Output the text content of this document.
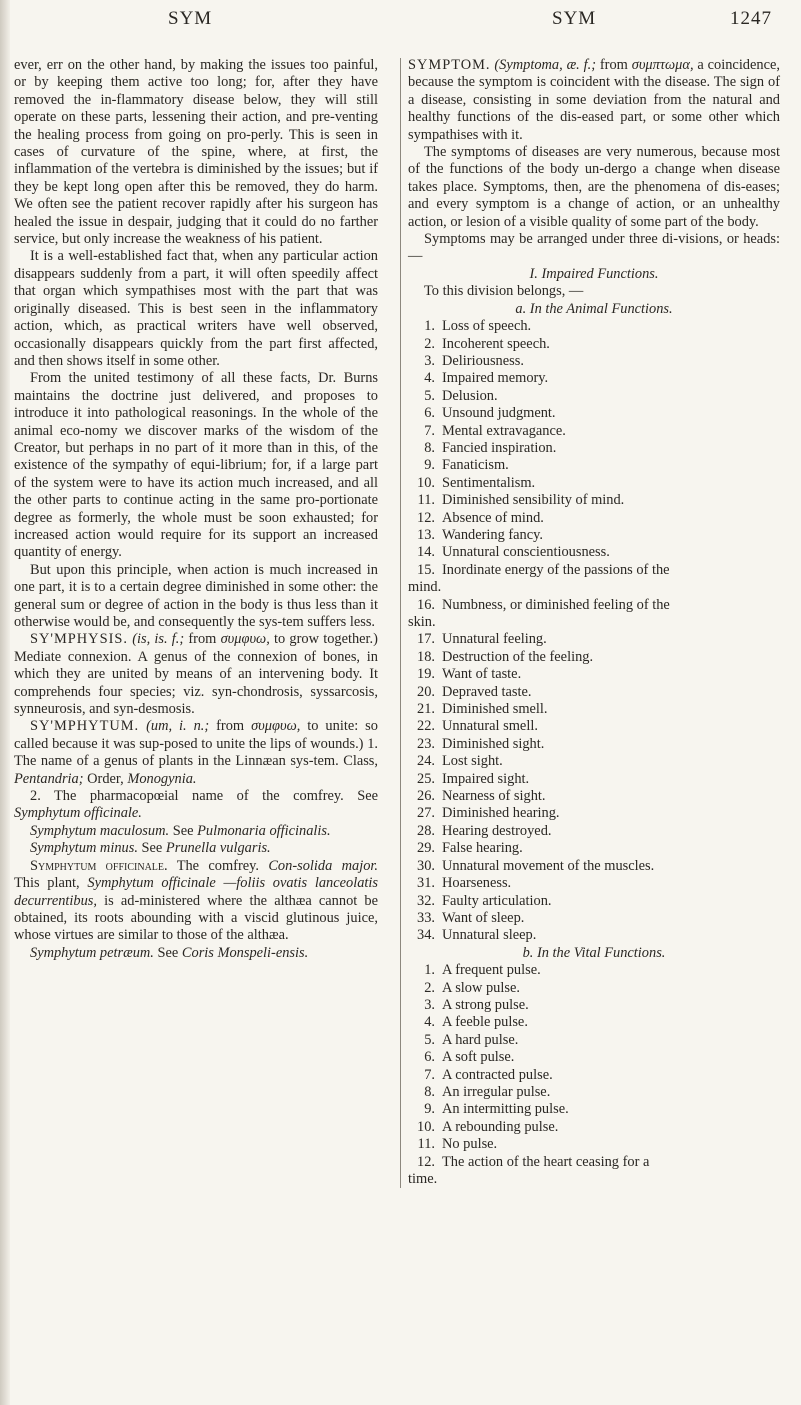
SYM	SYM	1247

ever, err on the other hand, by making the issues too painful, or by keeping them active too long; for, after they have removed the in-flammatory disease below, they will still operate on these parts, lessening their action, and pre-venting the healing process from going on pro-perly. This is seen in cases of curvature of the spine, where, at first, the inflammation of the vertebra is diminished by the issues; but if they be kept long open after this be removed, they do harm. We often see the patient recover rapidly after his surgeon has healed the issue in despair, judging that it could do no farther service, but only increase the weakness of his patient.

It is a well-established fact that, when any particular action disappears suddenly from a part, it will often speedily affect that organ which sympathises most with the part that was originally diseased. This is best seen in the inflammatory action, which, as practical writers have well observed, occasionally disappears quickly from the part first affected, and then shows itself in some other.

From the united testimony of all these facts, Dr. Burns maintains the doctrine just delivered, and proposes to introduce it into pathological reasonings. In the whole of the animal eco-nomy we discover marks of the wisdom of the Creator, but perhaps in no part of it more than in this, of the existence of the sympathy of equi-librium; for, if a large part of the system were to have its action much increased, and all the other parts to continue acting in the same pro-portionate degree as formerly, the whole must be soon exhausted; for increased action would require for its support an increased quantity of energy.

But upon this principle, when action is much increased in one part, it is to a certain degree diminished in some other: the general sum or degree of action in the body is thus less than it otherwise would be, and consequently the sys-tem suffers less.

SY'MPHYSIS. (is, is. f.; from συμφυω, to grow together.) Mediate connexion. A genus of the connexion of bones, in which they are united by means of an intervening body. It comprehends four species; viz. syn-chondrosis, syssarcosis, synneurosis, and syn-desmosis.

SY'MPHYTUM. (um, i. n.; from συμφυω, to unite: so called because it was sup-posed to unite the lips of wounds.) 1. The name of a genus of plants in the Linnæan sys-tem. Class, Pentandria; Order, Monogynia.

2. The pharmacopœial name of the comfrey. See Symphytum officinale.

Symphytum maculosum. See Pulmonaria officinalis.

Symphytum minus. See Prunella vulgaris.

Symphytum officinale. The comfrey. Con-solida major. This plant, Symphytum officinale —foliis ovatis lanceolatis decurrentibus, is ad-ministered where the althæa cannot be obtained, its roots abounding with a viscid glutinous juice, whose virtues are similar to those of the althæa.

Symphytum petræum. See Coris Monspeli-ensis.

SYMPTOM. (Symptoma, æ. f.; from συμπτωμα, a coincidence, because the symptom is coincident with the disease. The sign of a disease, consisting in some deviation from the natural and healthy functions of the dis-eased part, or some other which sympathises with it.

The symptoms of diseases are very numerous, because most of the functions of the body un-dergo a change when disease takes place. Symptoms, then, are the phenomena of dis-eases; and every symptom is a change of action, or an unhealthy action, or lesion of a visible quality of some part of the body.

Symptoms may be arranged under three di-visions, or heads: —

I. Impaired Functions.

To this division belongs, —

a. In the Animal Functions.

1. Loss of speech.
2. Incoherent speech.
3. Deliriousness.
4. Impaired memory.
5. Delusion.
6. Unsound judgment.
7. Mental extravagance.
8. Fancied inspiration.
9. Fanaticism.
10. Sentimentalism.
11. Diminished sensibility of mind.
12. Absence of mind.
13. Wandering fancy.
14. Unnatural conscientiousness.
15. Inordinate energy of the passions of the
mind.
16. Numbness, or diminished feeling of the
skin.
17. Unnatural feeling.
18. Destruction of the feeling.
19. Want of taste.
20. Depraved taste.
21. Diminished smell.
22. Unnatural smell.
23. Diminished sight.
24. Lost sight.
25. Impaired sight.
26. Nearness of sight.
27. Diminished hearing.
28. Hearing destroyed.
29. False hearing.
30. Unnatural movement of the muscles.
31. Hoarseness.
32. Faulty articulation.
33. Want of sleep.
34. Unnatural sleep.

b. In the Vital Functions.

1. A frequent pulse.
2. A slow pulse.
3. A strong pulse.
4. A feeble pulse.
5. A hard pulse.
6. A soft pulse.
7. A contracted pulse.
8. An irregular pulse.
9. An intermitting pulse.
10. A rebounding pulse.
11. No pulse.
12. The action of the heart ceasing for a
time.
